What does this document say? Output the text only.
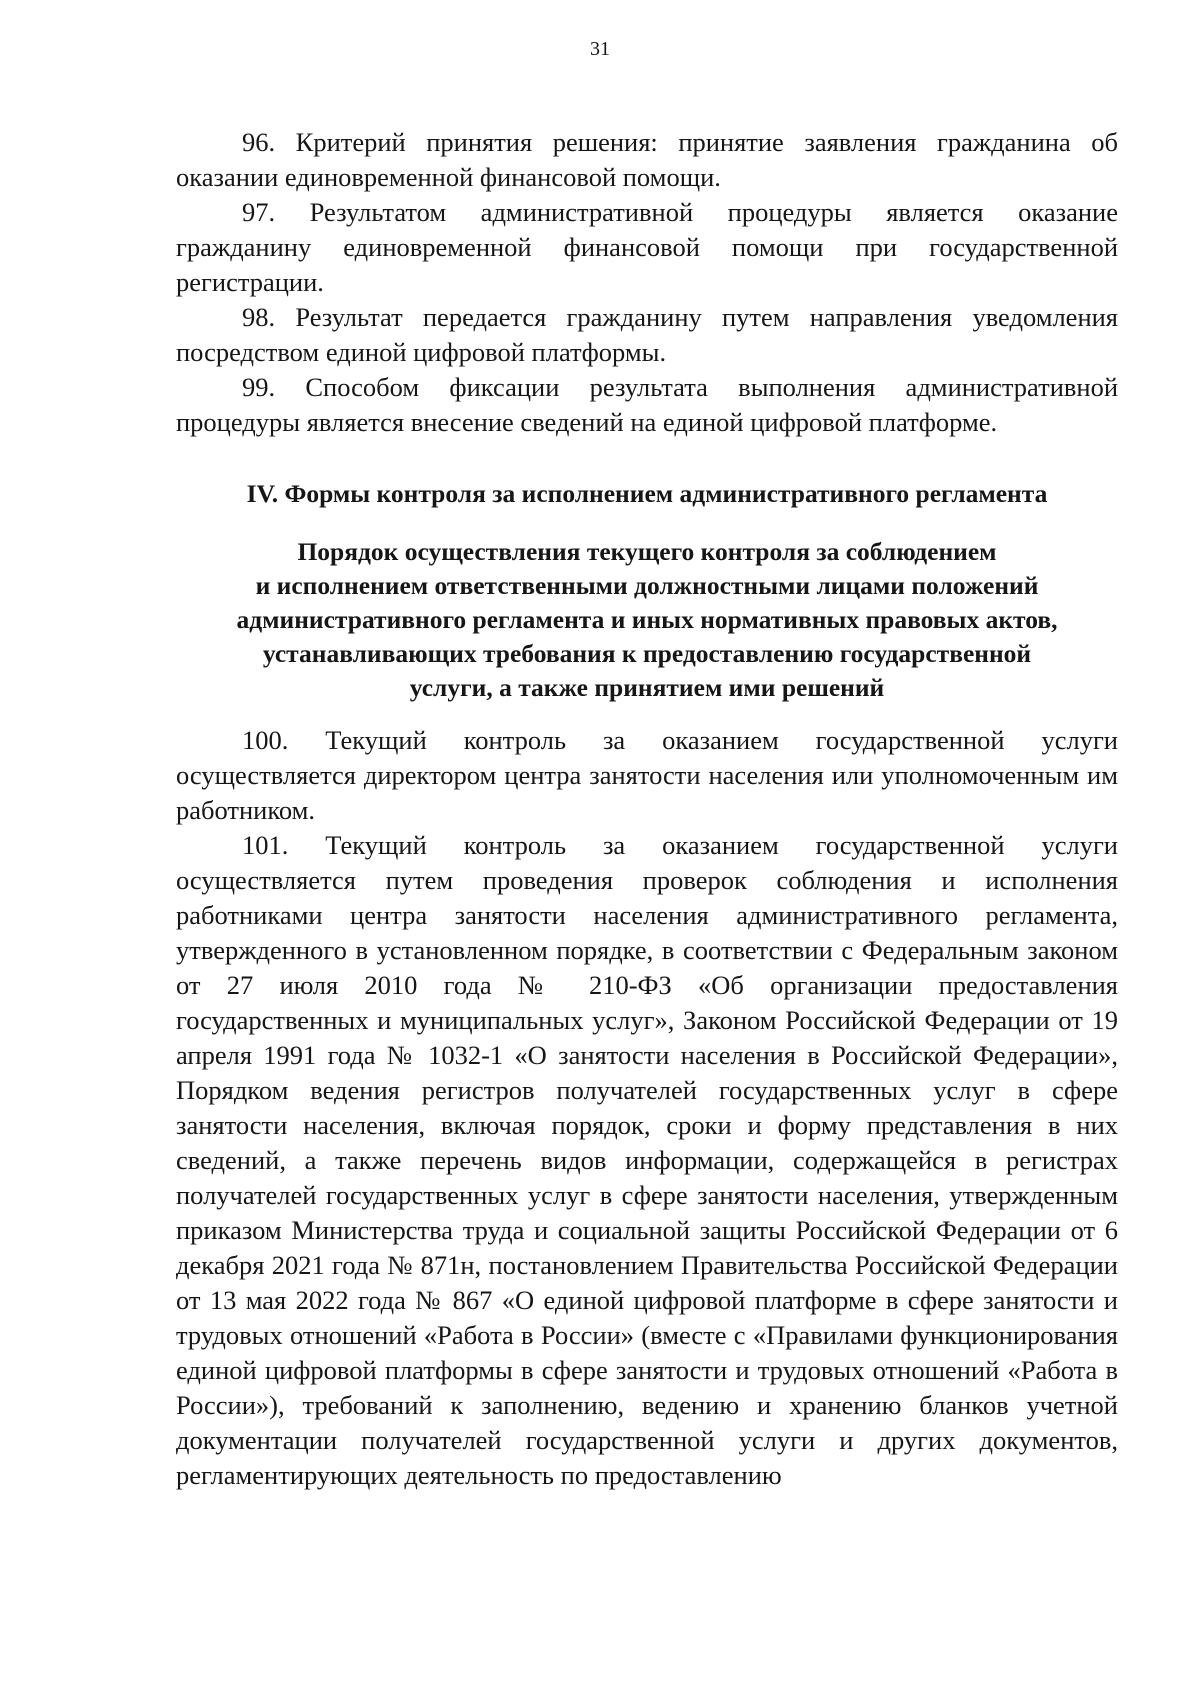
31

96. Критерий принятия решения: принятие заявления гражданина об оказании единовременной финансовой помощи.

97. Результатом административной процедуры является оказание гражданину единовременной финансовой помощи при государственной регистрации.

98. Результат передается гражданину путем направления уведомления посредством единой цифровой платформы.

99. Способом фиксации результата выполнения административной процедуры является внесение сведений на единой цифровой платформе.

IV. Формы контроля за исполнением административного регламента
Порядок осуществления текущего контроля за соблюдением
и исполнением ответственными должностными лицами положений
административного регламента и иных нормативных правовых актов,
устанавливающих требования к предоставлению государственной
услуги, а также принятием ими решений

100. Текущий контроль за оказанием государственной услуги осуществляется директором центра занятости населения или уполномоченным им работником.

101. Текущий контроль за оказанием государственной услуги осуществляется путем проведения проверок соблюдения и исполнения работниками центра занятости населения административного регламента, утвержденного в установленном порядке, в соответствии с Федеральным законом от 27 июля 2010 года № 210-ФЗ «Об организации предоставления государственных и муниципальных услуг», Законом Российской Федерации от 19 апреля 1991 года № 1032-1 «О занятости населения в Российской Федерации», Порядком ведения регистров получателей государственных услуг в сфере занятости населения, включая порядок, сроки и форму представления в них сведений, а также перечень видов информации, содержащейся в регистрах получателей государственных услуг в сфере занятости населения, утвержденным приказом Министерства труда и социальной защиты Российской Федерации от 6 декабря 2021 года № 871н, постановлением Правительства Российской Федерации от 13 мая 2022 года № 867 «О единой цифровой платформе в сфере занятости и трудовых отношений «Работа в России» (вместе с «Правилами функционирования единой цифровой платформы в сфере занятости и трудовых отношений «Работа в России»), требований к заполнению, ведению и хранению бланков учетной документации получателей государственной услуги и других документов, регламентирующих деятельность по предоставлению
